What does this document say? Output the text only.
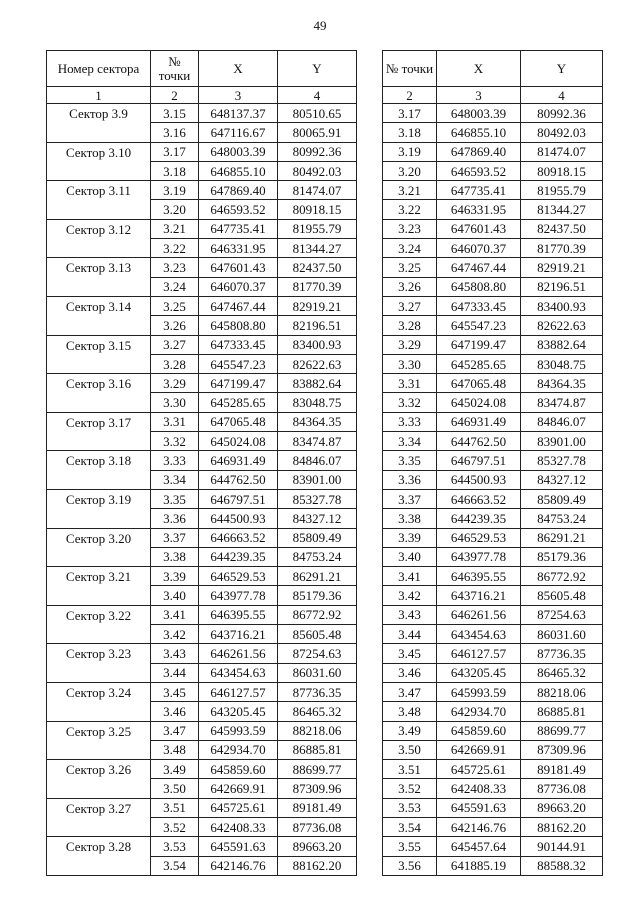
49
Номер сектора	№ точки	X	Y
1	2	3	4
Сектор 3.9	3.15	648137.37	80510.65
	3.16	647116.67	80065.91
Сектор 3.10	3.17	648003.39	80992.36
	3.18	646855.10	80492.03
Сектор 3.11	3.19	647869.40	81474.07
	3.20	646593.52	80918.15
Сектор 3.12	3.21	647735.41	81955.79
	3.22	646331.95	81344.27
Сектор 3.13	3.23	647601.43	82437.50
	3.24	646070.37	81770.39
Сектор 3.14	3.25	647467.44	82919.21
	3.26	645808.80	82196.51
Сектор 3.15	3.27	647333.45	83400.93
	3.28	645547.23	82622.63
Сектор 3.16	3.29	647199.47	83882.64
	3.30	645285.65	83048.75
Сектор 3.17	3.31	647065.48	84364.35
	3.32	645024.08	83474.87
Сектор 3.18	3.33	646931.49	84846.07
	3.34	644762.50	83901.00
Сектор 3.19	3.35	646797.51	85327.78
	3.36	644500.93	84327.12
Сектор 3.20	3.37	646663.52	85809.49
	3.38	644239.35	84753.24
Сектор 3.21	3.39	646529.53	86291.21
	3.40	643977.78	85179.36
Сектор 3.22	3.41	646395.55	86772.92
	3.42	643716.21	85605.48
Сектор 3.23	3.43	646261.56	87254.63
	3.44	643454.63	86031.60
Сектор 3.24	3.45	646127.57	87736.35
	3.46	643205.45	86465.32
Сектор 3.25	3.47	645993.59	88218.06
	3.48	642934.70	86885.81
Сектор 3.26	3.49	645859.60	88699.77
	3.50	642669.91	87309.96
Сектор 3.27	3.51	645725.61	89181.49
	3.52	642408.33	87736.08
Сектор 3.28	3.53	645591.63	89663.20
	3.54	642146.76	88162.20
№ точки	X	Y
2	3	4
3.17	648003.39	80992.36
3.18	646855.10	80492.03
3.19	647869.40	81474.07
3.20	646593.52	80918.15
3.21	647735.41	81955.79
3.22	646331.95	81344.27
3.23	647601.43	82437.50
3.24	646070.37	81770.39
3.25	647467.44	82919.21
3.26	645808.80	82196.51
3.27	647333.45	83400.93
3.28	645547.23	82622.63
3.29	647199.47	83882.64
3.30	645285.65	83048.75
3.31	647065.48	84364.35
3.32	645024.08	83474.87
3.33	646931.49	84846.07
3.34	644762.50	83901.00
3.35	646797.51	85327.78
3.36	644500.93	84327.12
3.37	646663.52	85809.49
3.38	644239.35	84753.24
3.39	646529.53	86291.21
3.40	643977.78	85179.36
3.41	646395.55	86772.92
3.42	643716.21	85605.48
3.43	646261.56	87254.63
3.44	643454.63	86031.60
3.45	646127.57	87736.35
3.46	643205.45	86465.32
3.47	645993.59	88218.06
3.48	642934.70	86885.81
3.49	645859.60	88699.77
3.50	642669.91	87309.96
3.51	645725.61	89181.49
3.52	642408.33	87736.08
3.53	645591.63	89663.20
3.54	642146.76	88162.20
3.55	645457.64	90144.91
3.56	641885.19	88588.32
